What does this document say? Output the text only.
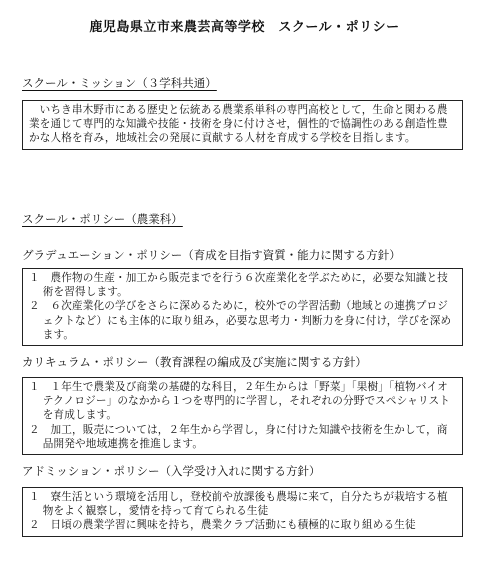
鹿児島県立市来農芸高等学校　スクール・ポリシー
スクール・ミッション（３学科共通）

いちき串木野市にある歴史と伝統ある農業系単科の専門高校として，生命と関わる農業を通じて専門的な知識や技能・技術を身に付けさせ，個性的で協調性のある創造性豊かな人格を育み，地域社会の発展に貢献する人材を育成する学校を目指します。

スクール・ポリシー（農業科）
グラデュエーション・ポリシー（育成を目指す資質・能力に関する方針）

１　農作物の生産・加工から販売までを行う６次産業化を学ぶために，必要な知識と技術を習得します。

２　６次産業化の学びをさらに深めるために，校外での学習活動（地域との連携プロジェクトなど）にも主体的に取り組み，必要な思考力・判断力を身に付け，学びを深めます。

カリキュラム・ポリシー（教育課程の編成及び実施に関する方針）

１　１年生で農業及び商業の基礎的な科目，２年生からは「野菜」「果樹」「植物バイオテクノロジー」のなかから１つを専門的に学習し，それぞれの分野でスペシャリストを育成します。

２　加工，販売については，２年生から学習し，身に付けた知識や技術を生かして，商品開発や地域連携を推進します。

アドミッション・ポリシー（入学受け入れに関する方針）

１　寮生活という環境を活用し，登校前や放課後も農場に来て，自分たちが栽培する植物をよく観察し，愛情を持って育てられる生徒

２　日頃の農業学習に興味を持ち，農業クラブ活動にも積極的に取り組める生徒
